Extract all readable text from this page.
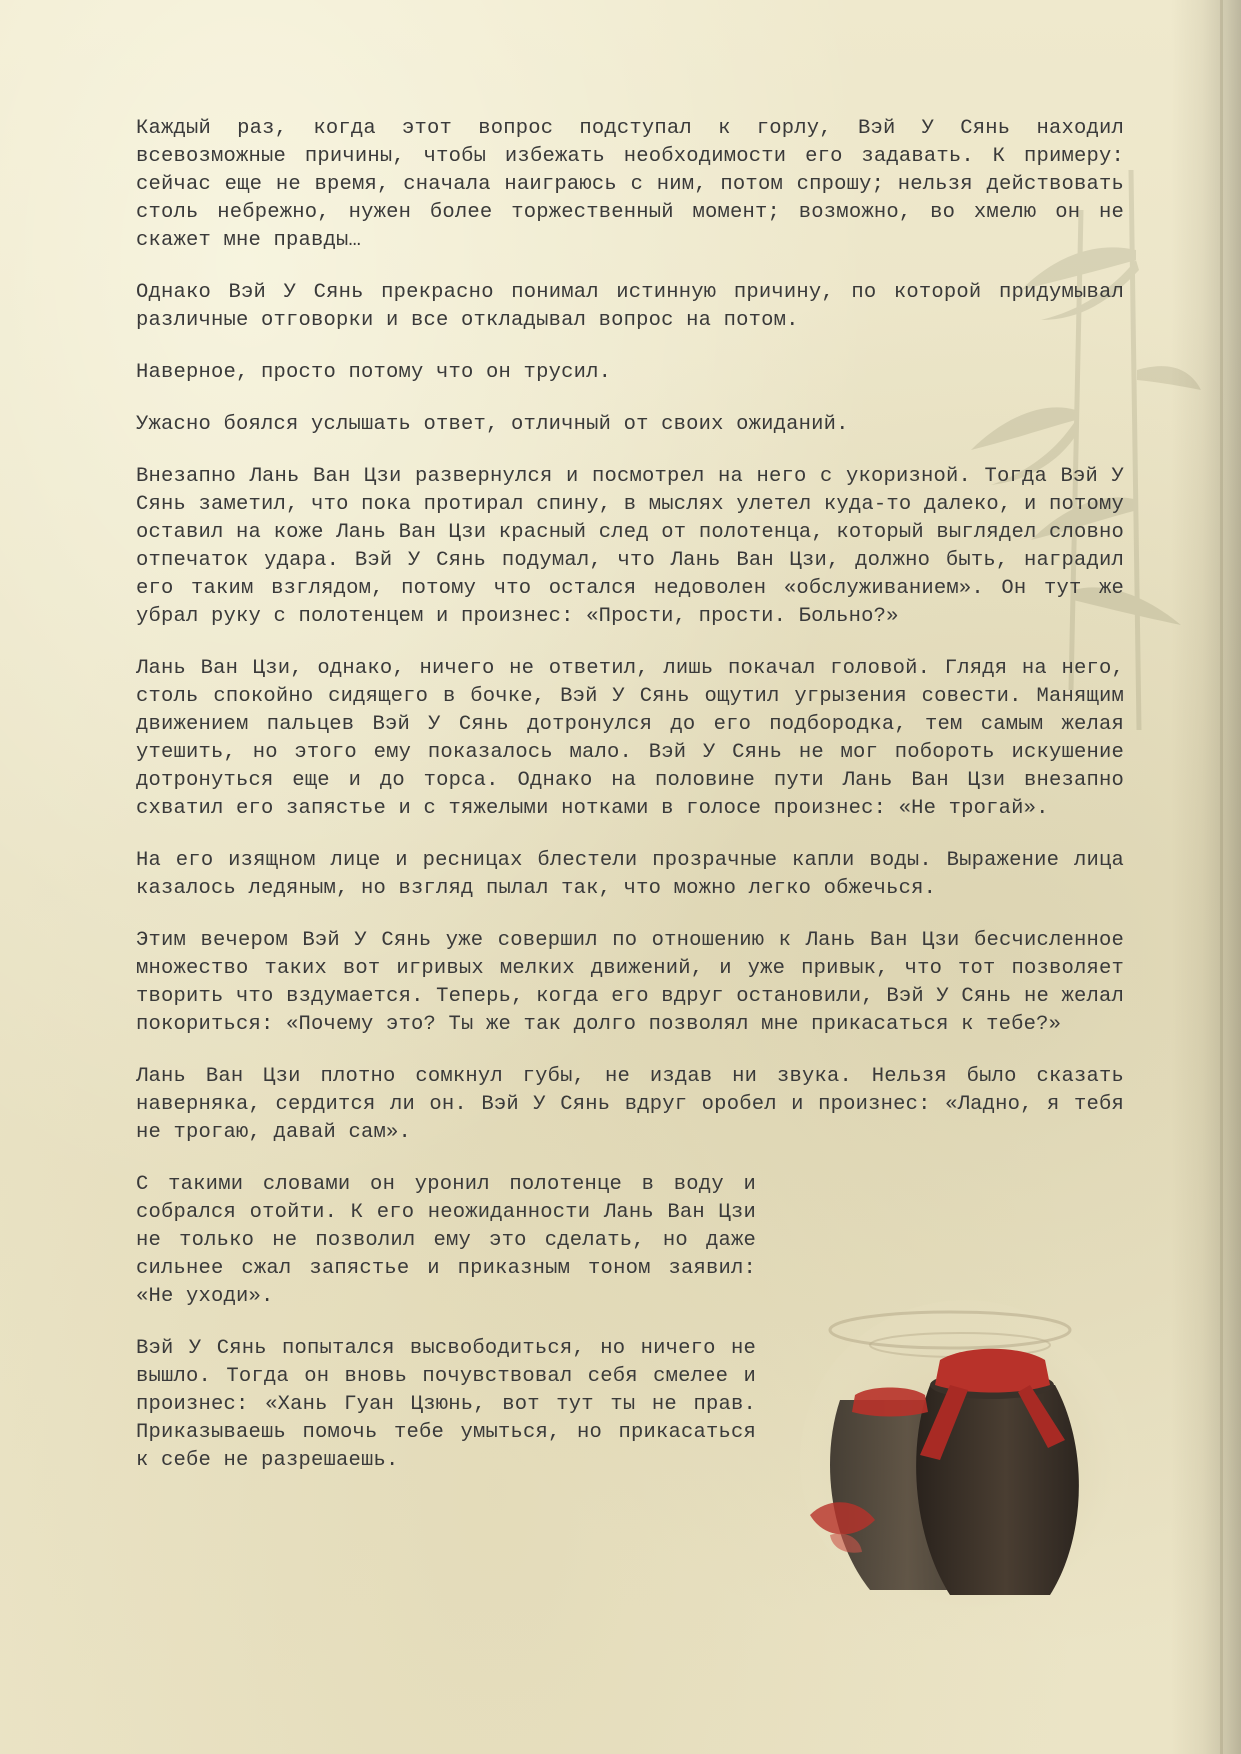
Каждый раз, когда этот вопрос подступал к горлу, Вэй У Сянь находил всевозможные причины, чтобы избежать необходимости его задавать. К примеру: сейчас еще не время, сначала наиграюсь с ним, потом спрошу; нельзя действовать столь небрежно, нужен более торжественный момент; возможно, во хмелю он не скажет мне правды…

Однако Вэй У Сянь прекрасно понимал истинную причину, по которой придумывал различные отговорки и все откладывал вопрос на потом.

Наверное, просто потому что он трусил.

Ужасно боялся услышать ответ, отличный от своих ожиданий.

Внезапно Лань Ван Цзи развернулся и посмотрел на него с укоризной. Тогда Вэй У Сянь заметил, что пока протирал спину, в мыслях улетел куда-то далеко, и потому оставил на коже Лань Ван Цзи красный след от полотенца, который выглядел словно отпечаток удара. Вэй У Сянь подумал, что Лань Ван Цзи, должно быть, наградил его таким взглядом, потому что остался недоволен «обслуживанием». Он тут же убрал руку с полотенцем и произнес: «Прости, прости. Больно?»

Лань Ван Цзи, однако, ничего не ответил, лишь покачал головой. Глядя на него, столь спокойно сидящего в бочке, Вэй У Сянь ощутил угрызения совести. Манящим движением пальцев Вэй У Сянь дотронулся до его подбородка, тем самым желая утешить, но этого ему показалось мало. Вэй У Сянь не мог побороть искушение дотронуться еще и до торса. Однако на половине пути Лань Ван Цзи внезапно схватил его запястье и с тяжелыми нотками в голосе произнес: «Не трогай».

На его изящном лице и ресницах блестели прозрачные капли воды. Выражение лица казалось ледяным, но взгляд пылал так, что можно легко обжечься.

Этим вечером Вэй У Сянь уже совершил по отношению к Лань Ван Цзи бесчисленное множество таких вот игривых мелких движений, и уже привык, что тот позволяет творить что вздумается. Теперь, когда его вдруг остановили, Вэй У Сянь не желал покориться: «Почему это? Ты же так долго позволял мне прикасаться к тебе?»

Лань Ван Цзи плотно сомкнул губы, не издав ни звука. Нельзя было сказать наверняка, сердится ли он. Вэй У Сянь вдруг оробел и произнес: «Ладно, я тебя не трогаю, давай сам».

С такими словами он уронил полотенце в воду и собрался отойти. К его неожиданности Лань Ван Цзи не только не позволил ему это сделать, но даже сильнее сжал запястье и приказным тоном заявил: «Не уходи».

Вэй У Сянь попытался высвободиться, но ничего не вышло. Тогда он вновь почувствовал себя смелее и произнес: «Хань Гуан Цзюнь, вот тут ты не прав. Приказываешь помочь тебе умыться, но прикасаться к себе не разрешаешь.
